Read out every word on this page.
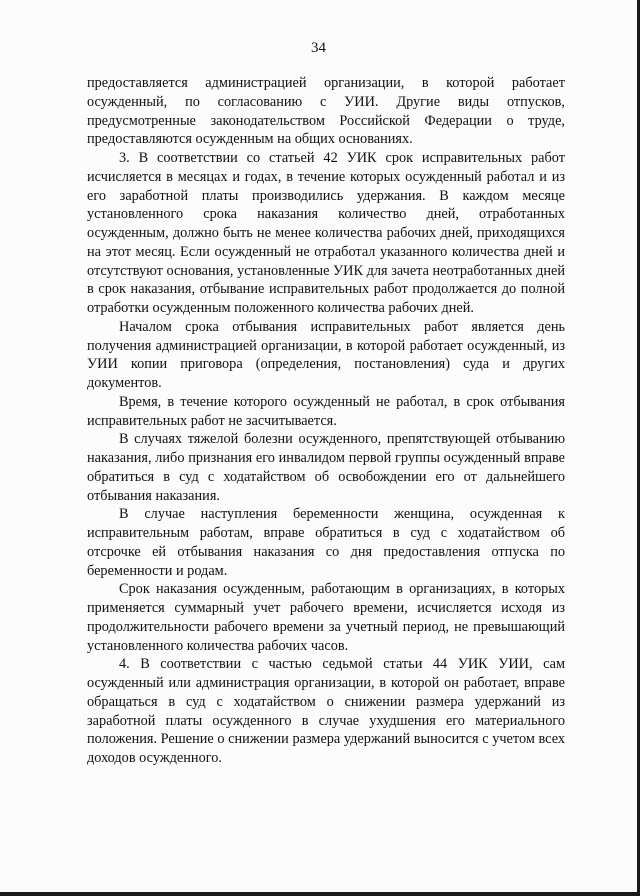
34

предоставляется администрацией организации, в которой работает осужденный, по согласованию с УИИ. Другие виды отпусков, предусмотренные законодательством Российской Федерации о труде, предоставляются осужденным на общих основаниях.

3. В соответствии со статьей 42 УИК срок исправительных работ исчисляется в месяцах и годах, в течение которых осужденный работал и из его заработной платы производились удержания. В каждом месяце установленного срока наказания количество дней, отработанных осужденным, должно быть не менее количества рабочих дней, приходящихся на этот месяц. Если осужденный не отработал указанного количества дней и отсутствуют основания, установленные УИК для зачета неотработанных дней в срок наказания, отбывание исправительных работ продолжается до полной отработки осужденным положенного количества рабочих дней.

Началом срока отбывания исправительных работ является день получения администрацией организации, в которой работает осужденный, из УИИ копии приговора (определения, постановления) суда и других документов.

Время, в течение которого осужденный не работал, в срок отбывания исправительных работ не засчитывается.

В случаях тяжелой болезни осужденного, препятствующей отбыванию наказания, либо признания его инвалидом первой группы осужденный вправе обратиться в суд с ходатайством об освобождении его от дальнейшего отбывания наказания.

В случае наступления беременности женщина, осужденная к исправительным работам, вправе обратиться в суд с ходатайством об отсрочке ей отбывания наказания со дня предоставления отпуска по беременности и родам.

Срок наказания осужденным, работающим в организациях, в которых применяется суммарный учет рабочего времени, исчисляется исходя из продолжительности рабочего времени за учетный период, не превышающий установленного количества рабочих часов.

4. В соответствии с частью седьмой статьи 44 УИК УИИ, сам осужденный или администрация организации, в которой он работает, вправе обращаться в суд с ходатайством о снижении размера удержаний из заработной платы осужденного в случае ухудшения его материального положения. Решение о снижении размера удержаний выносится с учетом всех доходов осужденного.
